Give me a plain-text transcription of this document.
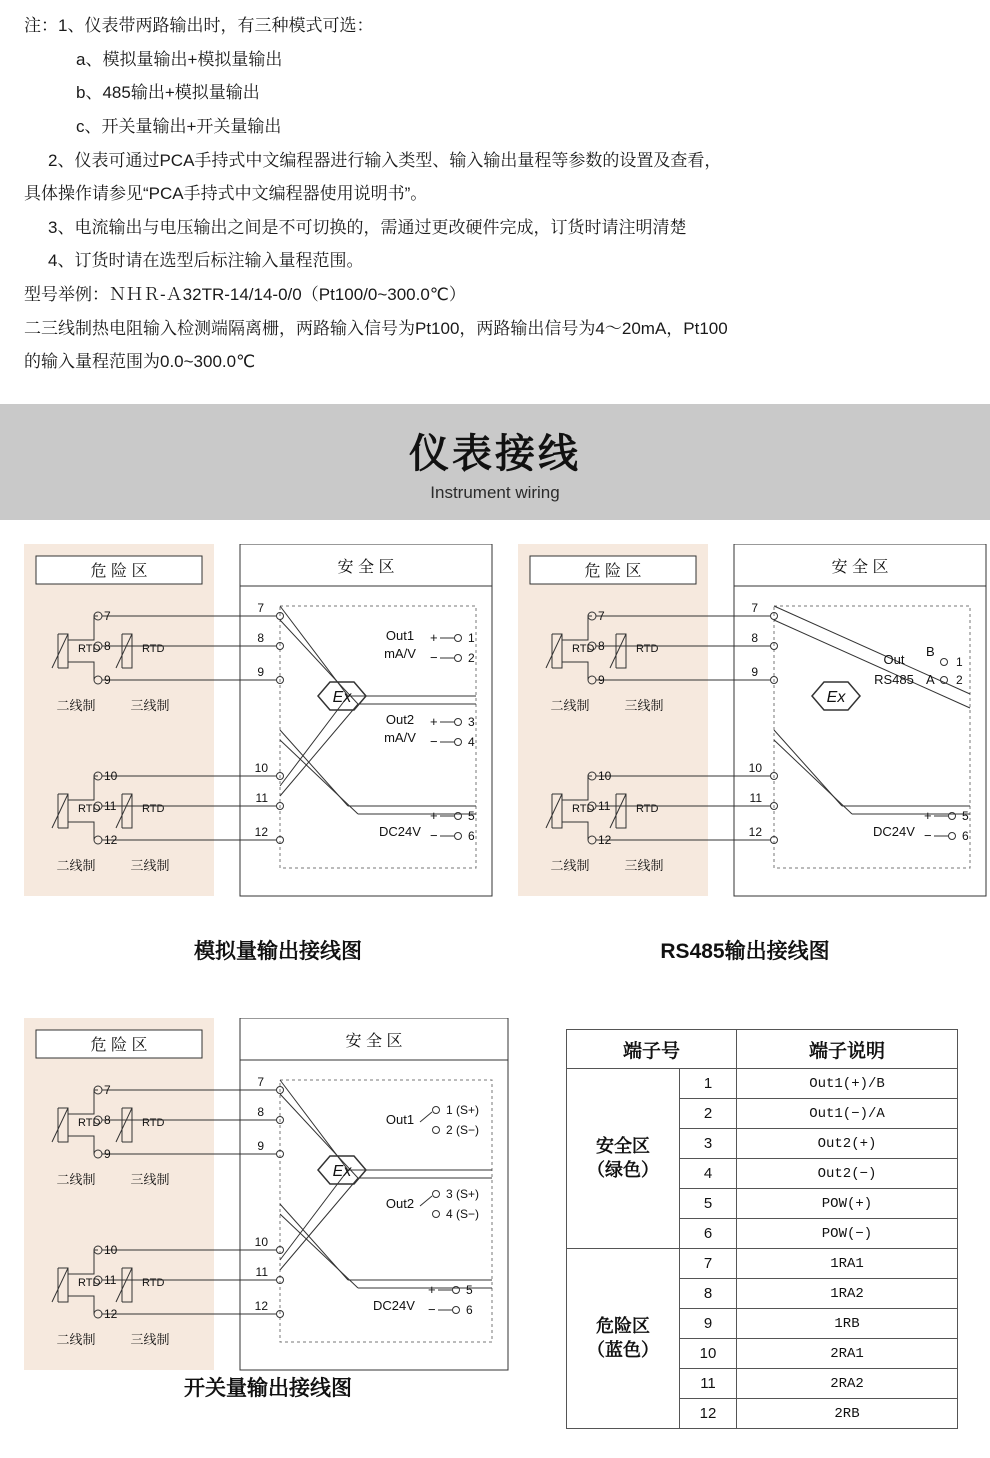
注：1、仪表带两路输出时，有三种模式可选：

a、模拟量输出+模拟量输出

b、485输出+模拟量输出

c、开关量输出+开关量输出

2、仪表可通过PCA手持式中文编程器进行输入类型、输入输出量程等参数的设置及查看，

具体操作请参见“PCA手持式中文编程器使用说明书”。

3、电流输出与电压输出之间是不可切换的，需通过更改硬件完成，订货时请注明清楚

4、订货时请在选型后标注输入量程范围。

型号举例：ＮＨＲ-Ａ32TR-14/14-0/0（Pt100/0~300.0℃）

二三线制热电阻输入检测端隔离栅，两路输入信号为Pt100，两路输出信号为4～20mA，Pt100

的输入量程范围为0.0~300.0℃

仪表接线
Instrument wiring
危 险 区
RTD	RTD
7
8
9
二线制	三线制
RTD	RTD
10
11
12
二线制	三线制
安 全 区
Ex
7
8
9
10
11
12
Out1
mA/V
+
−
1
2
Out2
mA/V
+
−
3
4
DC24V
+
−
5
6
模拟量输出接线图
危 险 区
RTD	RTD
7
8
9
二线制	三线制
RTD	RTD
10
11
12
二线制	三线制
安 全 区
Ex
7
8
9
10
11
12
Out
RS485
B
A
1
2
DC24V
+
−
5
6
RS485输出接线图
危 险 区
RTD	RTD
7
8
9
二线制	三线制
RTD	RTD
10
11
12
二线制	三线制
安 全 区
Ex
7
8
9
10
11
12
Out1
1 (S+)
2 (S−)
Out2
3 (S+)
4 (S−)
DC24V
+
−
5
6
开关量输出接线图
端子号		端子说明
安全区
（绿色）	1	Out1(+)/B
	2	Out1(−)/A
	3	Out2(+)
	4	Out2(−)
	5	POW(+)
	6	POW(−)
危险区
（蓝色）	7	1RA1
	8	1RA2
	9	1RB
	10	2RA1
	11	2RA2
	12	2RB
